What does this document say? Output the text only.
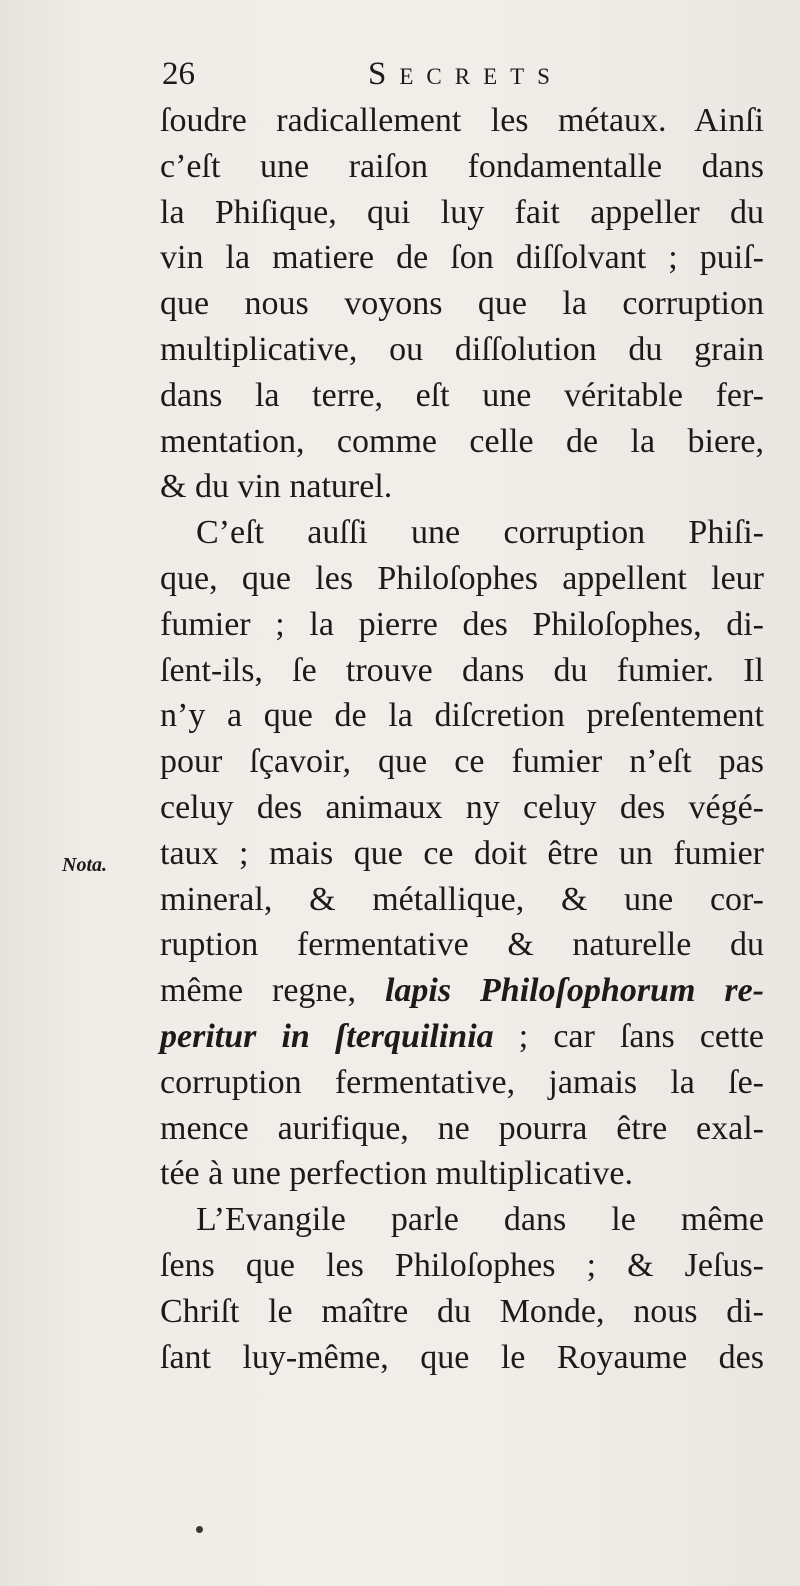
26	Secrets
Nota.
ſoudre radicallement les métaux. Ainſi
c’eſt une raiſon fondamentalle dans
la Phiſique, qui luy fait appeller du
vin la matiere de ſon diſſolvant ; puiſ-
que nous voyons que la corruption
multiplicative, ou diſſolution du grain
dans la terre, eſt une véritable fer-
mentation, comme celle de la biere,
& du vin naturel.
C’eſt auſſi une corruption Phiſi-
que, que les Philoſophes appellent leur
fumier ; la pierre des Philoſophes, di-
ſent-ils, ſe trouve dans du fumier. Il
n’y a que de la diſcretion preſentement
pour ſçavoir, que ce fumier n’eſt pas
celuy des animaux ny celuy des végé-
taux ; mais que ce doit être un fumier
mineral, & métallique, & une cor-
ruption fermentative & naturelle du
même regne, lapis Philoſophorum re-
peritur in ſterquilinia ; car ſans cette
corruption fermentative, jamais la ſe-
mence aurifique, ne pourra être exal-
tée à une perfection multiplicative.
L’Evangile parle dans le même
ſens que les Philoſophes ; & Jeſus-
Chriſt le maître du Monde, nous di-
ſant luy-même, que le Royaume des
